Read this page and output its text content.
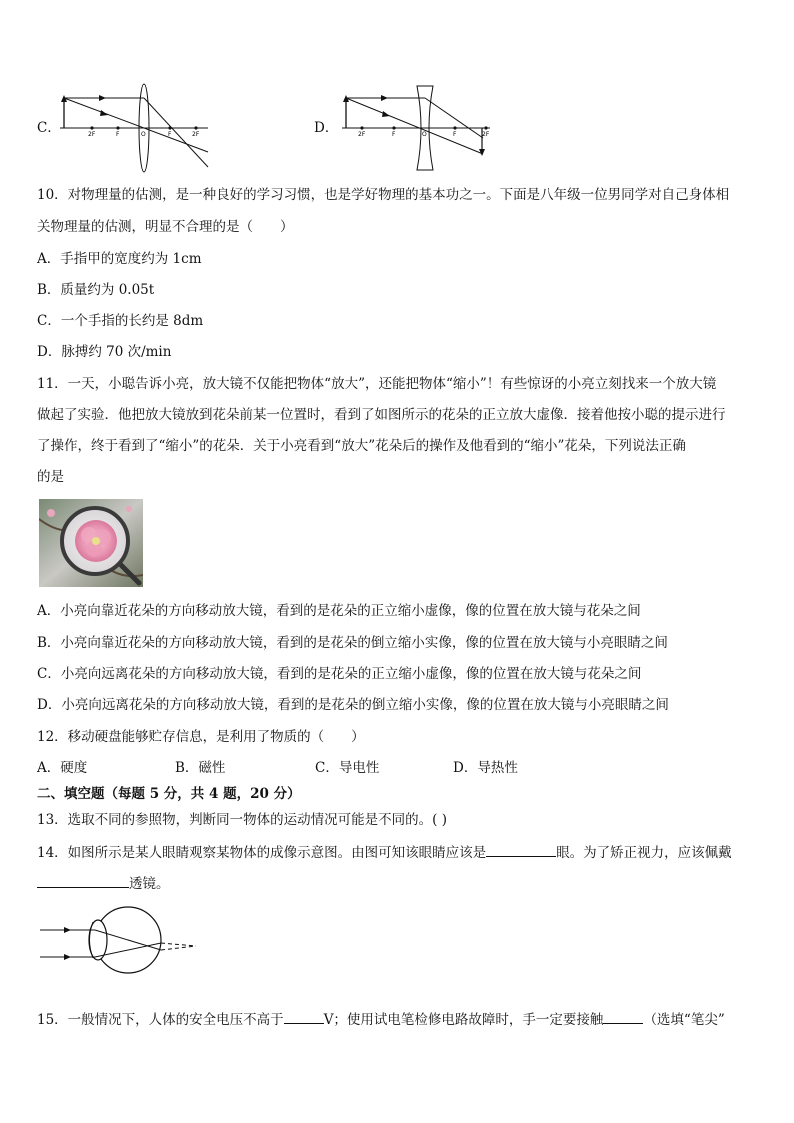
C．	2F	F	O	F	2F	D．	2F	F	O	F	2F
10．对物理量的估测，是一种良好的学习习惯，也是学好物理的基本功之一。下面是八年级一位男同学对自己身体相
关物理量的估测，明显不合理的是（　　）
A．手指甲的宽度约为 1cm
B．质量约为 0.05t
C．一个手指的长约是 8dm
D．脉搏约 70 次/min
11．一天，小聪告诉小亮，放大镜不仅能把物体“放大”，还能把物体“缩小”！有些惊讶的小亮立刻找来一个放大镜
做起了实验．他把放大镜放到花朵前某一位置时，看到了如图所示的花朵的正立放大虚像．接着他按小聪的提示进行
了操作，终于看到了“缩小”的花朵．关于小亮看到“放大”花朵后的操作及他看到的“缩小”花朵，下列说法正确
的是
A．小亮向靠近花朵的方向移动放大镜，看到的是花朵的正立缩小虚像，像的位置在放大镜与花朵之间
B．小亮向靠近花朵的方向移动放大镜，看到的是花朵的倒立缩小实像，像的位置在放大镜与小亮眼睛之间
C．小亮向远离花朵的方向移动放大镜，看到的是花朵的正立缩小虚像，像的位置在放大镜与花朵之间
D．小亮向远离花朵的方向移动放大镜，看到的是花朵的倒立缩小实像，像的位置在放大镜与小亮眼睛之间
12．移动硬盘能够贮存信息，是利用了物质的（　　）
A．硬度	B．磁性	C．导电性	D．导热性
二、填空题（每题 5 分，共 4 题，20 分）
13．选取不同的参照物，判断同一物体的运动情况可能是不同的。( )
14．如图所示是某人眼睛观察某物体的成像示意图。由图可知该眼睛应该是	眼。为了矫正视力，应该佩戴
透镜。
15．一般情况下，人体的安全电压不高于	V；使用试电笔检修电路故障时，手一定要接触	（选填“笔尖”
